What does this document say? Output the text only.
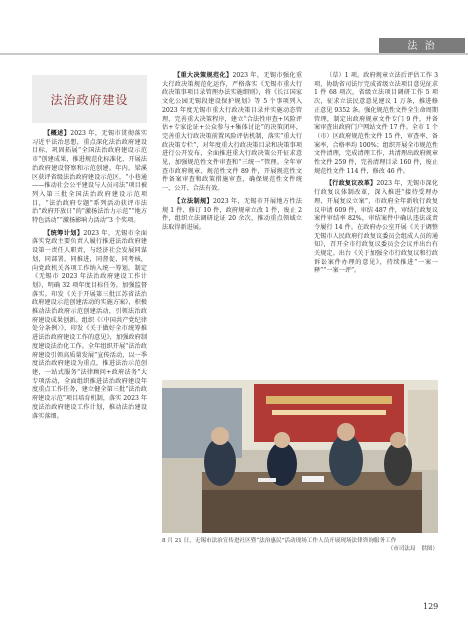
法 治
法治政府建设

【概述】2023 年，无锡市贯彻落实习近平法治思想，重点深化法治政府建设目标，巩固拓展“全国法治政府建设示范市”创建成果，推进规范化标准化，开展法治政府建设督察和示范创建。年内，梁溪区获评省级法治政府建设示范区，“小巷通——推动社会公平建设与人员司法”项目被列入第三批全国法治政府建设示范项目，“法治政府专题”系列活动获评市法治“政府开放日”的“激扬法治力示范”“地方特色活动”“激扬影响力活动”3 个奖项。

【统筹计划】2023 年，无锡市全面落实党政主要负责人履行推进法治政府建设第一责任人职责，与经济社会发展同谋划，同部署，同推进，同督促，同考核，向党政机关各项工作纳入统一筹划。制定《无锡市 2023 年法治政府建设工作计划》，明确 32 项年度目标任务，加强监督落实。印发《关于开展第三批江苏省法治政府建设示范创建活动的实施方案》，积极推动法治政府示范创建活动，引领法治政府建设成果创新。组织《〈中国共产党纪律处分条例〉》，印发《关于做好全市统筹推进法治政府建设工作的意见》，加强政府制度建设法治化工作。全年组织开展“法治政府建设引领高质量发展”宣传活动，以一季度法治政府建设为重点，推进法治示范创建，一站式服务“法律顾问+政府法务”大专项活动，全面组织推进法治政府建设年度重点工作任务，建立健全第三批“法治政府建设示范”项目培育机制，落实 2023 年度法治政府建设工作计划，推动法治建设落实落细。

【重大决策规范化】2023 年，无锡市强化重大行政决策规范化运作，严格落实《无锡市重大行政决策事项目录管理办法实施细则》，将《长江国家文化公园无锡段建设保护规划》等 5 个事项列入 2023 年度无锡市重大行政决策目录并实施动态管理，完善重大决策程序，建立“合法性审查+风险评估+专家论证+公众参与+集体讨论”的决策闭环，完善重大行政决策前置风险评估机制，落实“重大行政决策专栏”，对年度重大行政决策目录和决策事项进行公开发布，全面推进重大行政决策公开征求意见，加强规范性文件审查和“三统一”管理。全年审查市政府规章、规范性文件 89 件，开展规范性文件备案审查和政策措施审查，确保规范性文件统一、公开、合法有效。

【立法制规】2023 年，无锡市开展地方性法规 1 件、修订 10 件，政府规章立改 1 件，废止 2 件，组织立法调研论证 20 余次，推动重点领域立法取得新进展。

（草）1 项。政府规章立法后评估工作 3 项，协助省司法厅完成省级立法项目意见征求 1 件 68 项次，省级立法项目调研工作 5 项次，征求立法民意意见建议 1 万条，推进修正意见 9352 条。强化规范性文件全生命周期管理，制定出政府规章文件专门 9 件，并备案审查出政府门户网站文件 17 件。全市 1 个（市）区政府规范性文件 15 件，审查率、备案率，合格率均 100%；组织开展全市规范性文件清理，完成清理工作，共清理出政府规章性文件 259 件，完善清理目录 160 件，废止规范性文件 114 件，修改 46 件。

【行政复议改革】2023 年，无锡市深化行政复议体制改革，深入推进“接待受理办理、开展复议立案”，市政府全年新收行政复议申请 609 件，审结 487 件，审结行政复议案件审结率 82%，审结案件中确认违法或责令履行 14 件。在政府办公室开展《关于调整无锡市人民政府行政复议委员会组成人员的通知》，召开全市行政复议委员会会议并出台有关规定。出台《关于加强全市行政复议和行政诉讼案件办理的意见》，持续推进“一案一释”“一案一评”。

8 月 21 日，无锡市法治宣传进社区暨“法治惠民”活动现场工作人员开展现场法律咨询服务工作
（市司法局　供图）
129
